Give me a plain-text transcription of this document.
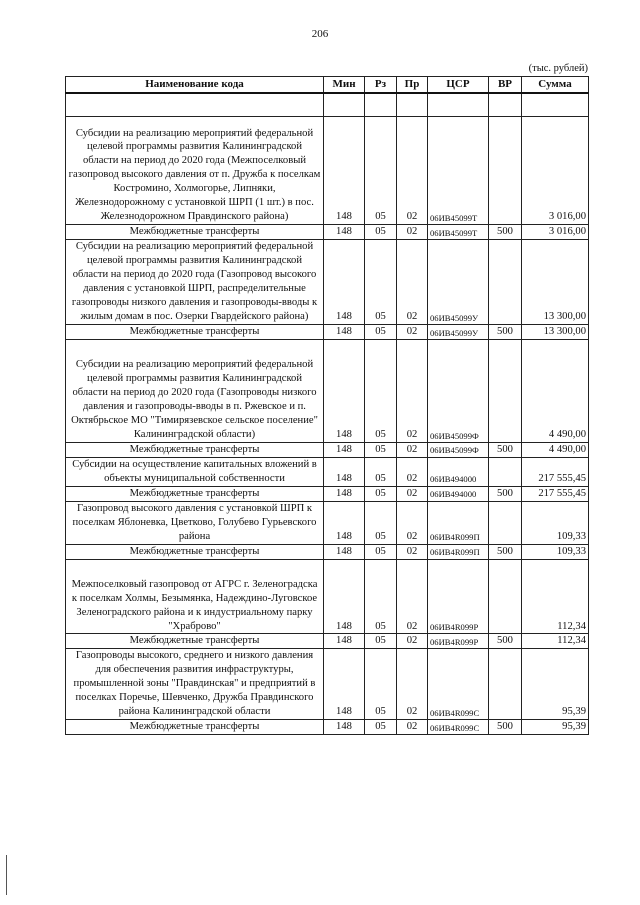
206
(тыс. рублей)
Наименование кода	Мин	Рз	Пр	ЦСР	ВР	Сумма

Субсидии на реализацию мероприятий федеральной целевой программы развития Калининградской области на период до 2020 года (Межпоселковый газопровод высокого давления от п. Дружба к поселкам Костромино, Холмогорье, Липняки, Железнодорожному с установкой ШРП (1 шт.) в пос. Железнодорожном Правдинского района)	148	05	02	06ИВ45099Т		3 016,00
Межбюджетные трансферты	148	05	02	06ИВ45099Т	500	3 016,00
Субсидии на реализацию мероприятий федеральной целевой программы развития Калининградской области на период до 2020 года (Газопровод высокого давления с установкой ШРП, распределительные газопроводы низкого давления и газопроводы-вводы к жилым домам в пос. Озерки Гвардейского района)	148	05	02	06ИВ45099У		13 300,00
Межбюджетные трансферты	148	05	02	06ИВ45099У	500	13 300,00
Субсидии на реализацию мероприятий федеральной целевой программы развития Калининградской области на период до 2020 года (Газопроводы низкого давления и газопроводы-вводы в п. Ржевское и п. Октябрьское МО "Тимирязевское сельское поселение" Калининградской области)	148	05	02	06ИВ45099Ф		4 490,00
Межбюджетные трансферты	148	05	02	06ИВ45099Ф	500	4 490,00
Субсидии на осуществление капитальных вложений в объекты муниципальной собственности	148	05	02	06ИВ494000		217 555,45
Межбюджетные трансферты	148	05	02	06ИВ494000	500	217 555,45
Газопровод высокого давления с установкой ШРП к поселкам Яблоневка, Цветково, Голубево Гурьевского района	148	05	02	06ИВ4R099П		109,33
Межбюджетные трансферты	148	05	02	06ИВ4R099П	500	109,33
Межпоселковый газопровод от АГРС г. Зеленоградска к поселкам Холмы, Безымянка, Надеждино-Луговское Зеленоградского района и к индустриальному парку "Храброво"	148	05	02	06ИВ4R099Р		112,34
Межбюджетные трансферты	148	05	02	06ИВ4R099Р	500	112,34
Газопроводы высокого, среднего и низкого давления для обеспечения развития инфраструктуры, промышленной зоны "Правдинская" и предприятий в поселках Поречье, Шевченко, Дружба Правдинского района Калининградской области	148	05	02	06ИВ4R099С		95,39
Межбюджетные трансферты	148	05	02	06ИВ4R099С	500	95,39
